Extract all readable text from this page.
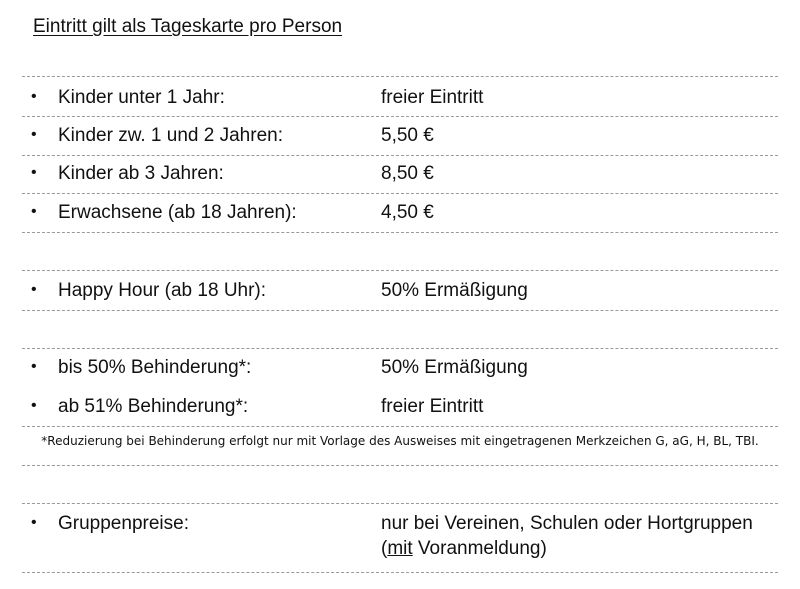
Eintritt gilt als Tageskarte pro Person
• Kinder unter 1 Jahr:	freier Eintritt
• Kinder zw. 1 und 2 Jahren:	5,50 €
• Kinder ab 3 Jahren:	8,50 €
• Erwachsene (ab 18 Jahren):	4,50 €
• Happy Hour (ab 18 Uhr):	50% Ermäßigung
• bis 50% Behinderung*:	50% Ermäßigung
• ab 51% Behinderung*:	freier Eintritt
*Reduzierung bei Behinderung erfolgt nur mit Vorlage des Ausweises mit eingetragenen Merkzeichen G, aG, H, BL, TBI.
• Gruppenpreise:	nur bei Vereinen, Schulen oder Hortgruppen
(mit Voranmeldung)
